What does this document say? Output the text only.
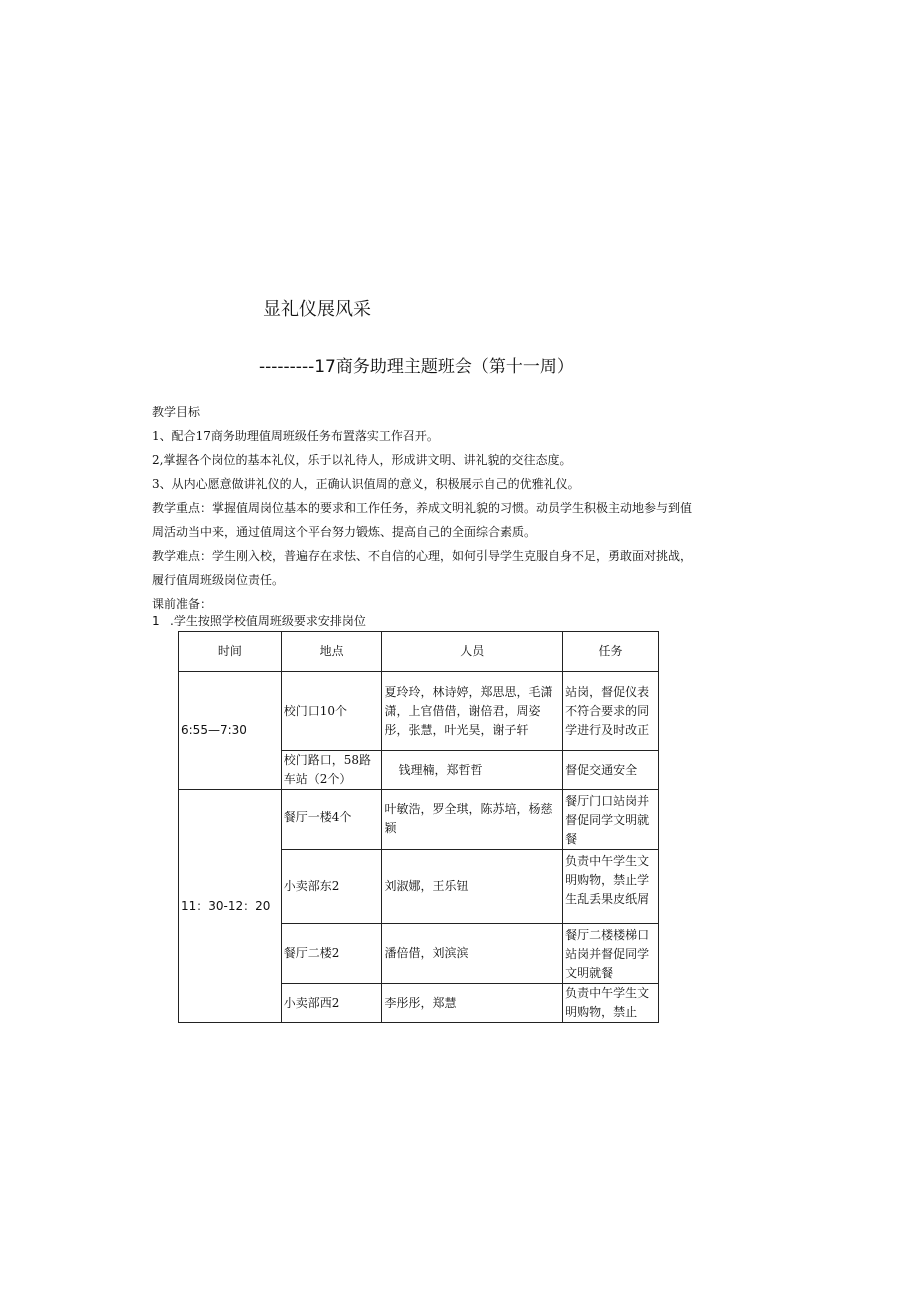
显礼仪展风采
---------17商务助理主题班会（第十一周）

教学目标

1、配合17商务助理值周班级任务布置落实工作召开。

2,掌握各个岗位的基本礼仪，乐于以礼待人，形成讲文明、讲礼貌的交往态度。

3、从内心愿意做讲礼仪的人，正确认识值周的意义，积极展示自己的优雅礼仪。

教学重点：掌握值周岗位基本的要求和工作任务，养成文明礼貌的习惯。动员学生积极主动地参与到值周活动当中来，通过值周这个平台努力锻炼、提高自己的全面综合素质。

教学难点：学生刚入校，普遍存在求怯、不自信的心理，如何引导学生克服自身不足，勇敢面对挑战，履行值周班级岗位责任。

课前准备：

1 .学生按照学校值周班级要求安排岗位
时间	地点	人员	任务
6:55—7:30	校门口10个	夏玲玲，林诗婷，郑思思，毛潇潇，上官借借，谢倍君，周姿彤，张慧，叶光昊，谢子轩	站岗，督促仪表不符合要求的同学进行及时改正
	校门路口，58路车站（2个）	钱理楠，郑哲哲	督促交通安全
11：30-12：20	餐厅一楼4个	叶敏浩，罗全琪，陈苏培，杨慈颖	餐厅门口站岗并督促同学文明就餐
	小卖部东2	刘淑娜，王乐钮	负责中午学生文明购物，禁止学生乱丢果皮纸屑
	餐厅二楼2	潘倍借，刘滨滨	餐厅二楼楼梯口站岗并督促同学文明就餐
	小卖部西2	李彤彤，郑慧	负责中午学生文明购物，禁止
